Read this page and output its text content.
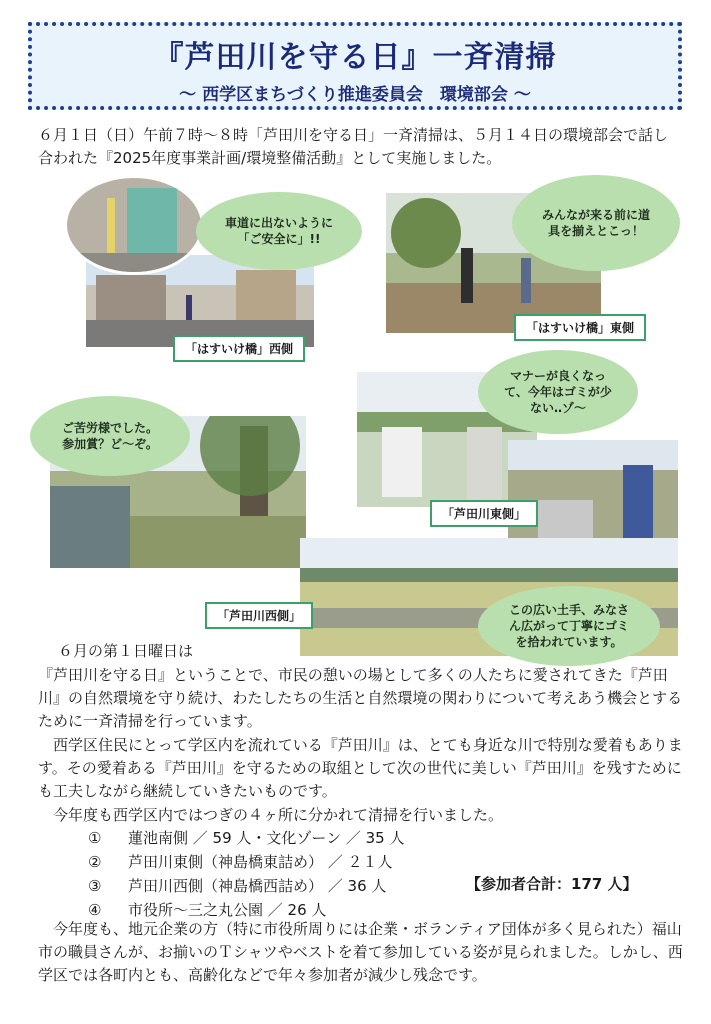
『芦田川を守る日』一斉清掃
～ 西学区まちづくり推進委員会　環境部会 ～
６月１日（日）午前７時～８時「芦田川を守る日」一斉清掃は、５月１４日の環境部会で話し合われた『2025年度事業計画/環境整備活動』として実施しました。
車道に出ないように「ご安全に」!!
「はすいけ橋」西側
みんなが来る前に道具を揃えとこっ！
「はすいけ橋」東側
マナーが良くなって、今年はゴミが少ない‥ゾ～
「芦田川東側」
ご苦労様でした。参加賞？ど～ぞ。
この広い土手、みなさん広がって丁寧にゴミを拾われています。
「芦田川西側」
６月の第１日曜日は
『芦田川を守る日』ということで、市民の憩いの場として多くの人たちに愛されてきた『芦田川』の自然環境を守り続け、わたしたちの生活と自然環境の関わりについて考えあう機会とするために一斉清掃を行っています。
西学区住民にとって学区内を流れている『芦田川』は、とても身近な川で特別な愛着もあります。その愛着ある『芦田川』を守るための取組として次の世代に美しい『芦田川』を残すためにも工夫しながら継続していきたいものです。
今年度も西学区内ではつぎの４ヶ所に分かれて清掃を行いました。
① 蓮池南側 ／ 59 人・文化ゾーン ／ 35 人
② 芦田川東側（神島橋東詰め） ／ ２１人
③ 芦田川西側（神島橋西詰め） ／ 36 人
④ 市役所～三之丸公園 ／ 26 人
【参加者合計：177 人】
今年度も、地元企業の方（特に市役所周りには企業・ボランティア団体が多く見られた）福山市の職員さんが、お揃いのＴシャツやベストを着て参加している姿が見られました。しかし、西学区では各町内とも、高齢化などで年々参加者が減少し残念です。
